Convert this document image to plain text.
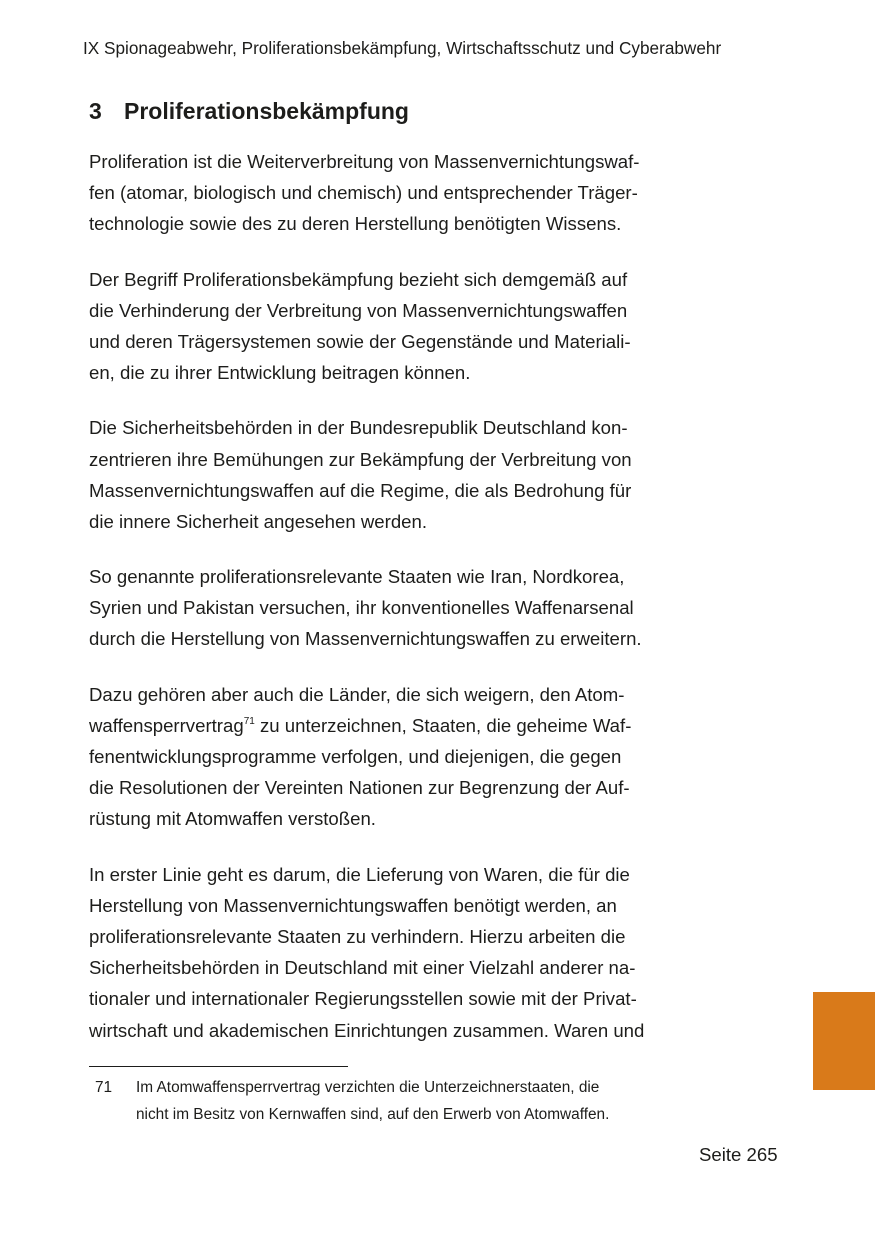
IX Spionageabwehr, Proliferationsbekämpfung, Wirtschaftsschutz und Cyberabwehr
3 Proliferationsbekämpfung
Proliferation ist die Weiterverbreitung von Massenvernichtungswaf-
fen (atomar, biologisch und chemisch) und entsprechender Träger-
technologie sowie des zu deren Herstellung benötigten Wissens.
Der Begriff Proliferationsbekämpfung bezieht sich demgemäß auf
die Verhinderung der Verbreitung von Massenvernichtungswaffen
und deren Trägersystemen sowie der Gegenstände und Materiali-
en, die zu ihrer Entwicklung beitragen können.
Die Sicherheitsbehörden in der Bundesrepublik Deutschland kon-
zentrieren ihre Bemühungen zur Bekämpfung der Verbreitung von
Massenvernichtungswaffen auf die Regime, die als Bedrohung für
die innere Sicherheit angesehen werden.
So genannte proliferationsrelevante Staaten wie Iran, Nordkorea,
Syrien und Pakistan versuchen, ihr konventionelles Waffenarsenal
durch die Herstellung von Massenvernichtungswaffen zu erweitern.
Dazu gehören aber auch die Länder, die sich weigern, den Atom-
waffensperrvertrag$^{71}$ zu unterzeichnen, Staaten, die geheime Waf-
fenentwicklungsprogramme verfolgen, und diejenigen, die gegen
die Resolutionen der Vereinten Nationen zur Begrenzung der Auf-
rüstung mit Atomwaffen verstoßen.
In erster Linie geht es darum, die Lieferung von Waren, die für die
Herstellung von Massenvernichtungswaffen benötigt werden, an
proliferationsrelevante Staaten zu verhindern. Hierzu arbeiten die
Sicherheitsbehörden in Deutschland mit einer Vielzahl anderer na-
tionaler und internationaler Regierungsstellen sowie mit der Privat-
wirtschaft und akademischen Einrichtungen zusammen. Waren und
71	Im Atomwaffensperrvertrag verzichten die Unterzeichnerstaaten, die
nicht im Besitz von Kernwaffen sind, auf den Erwerb von Atomwaffen.
Seite 265
